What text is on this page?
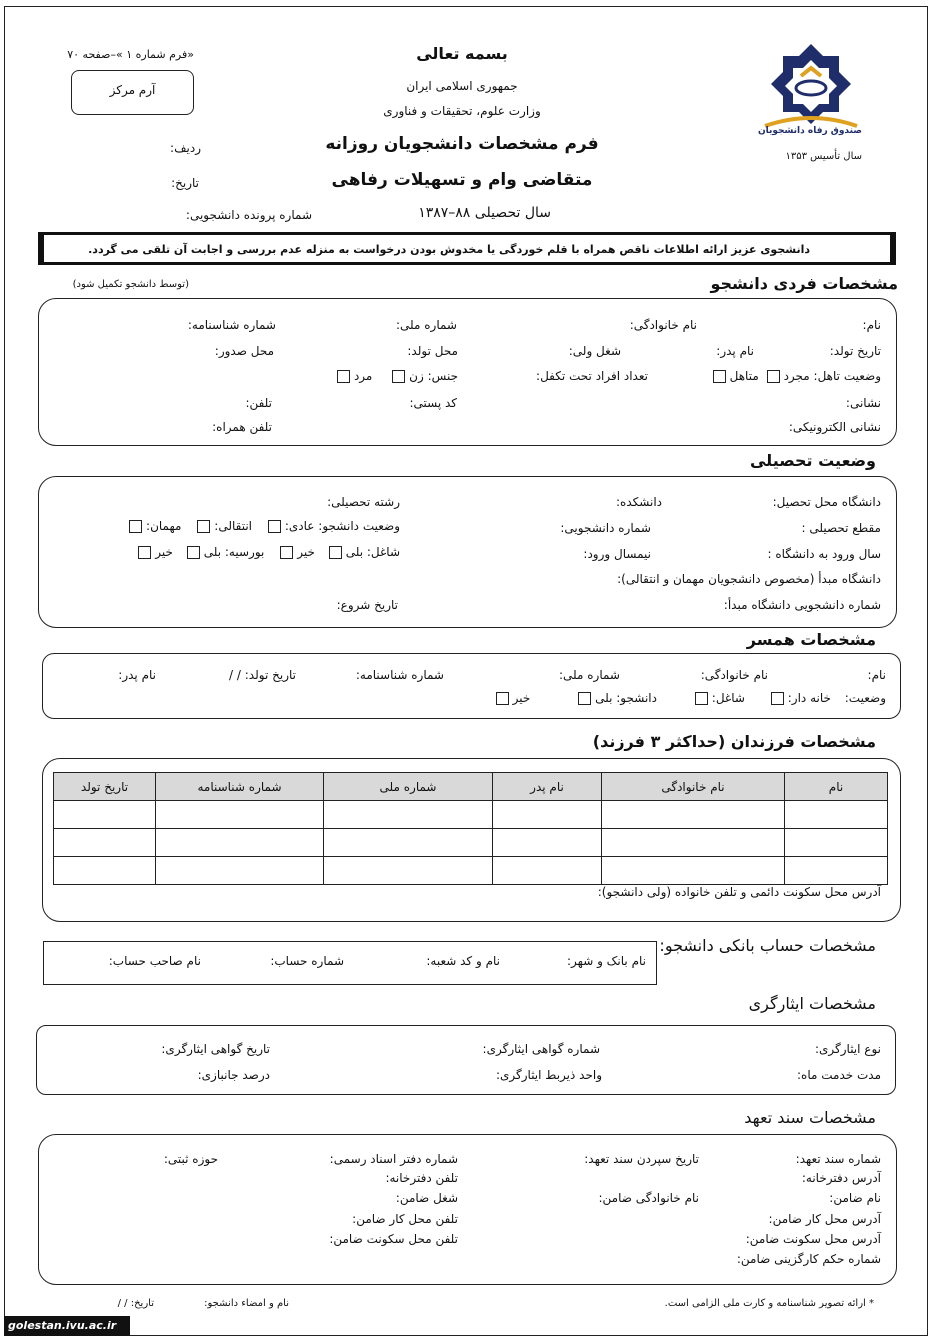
«فرم شماره ۱ »–صفحه ۷۰
آرم مرکز
بسمه تعالی
جمهوری اسلامی ایران
وزارت علوم، تحقیقات و فناوری
فرم مشخصات دانشجویان روزانه
متقاضی وام و تسهیلات رفاهی
سال تحصیلی ۸۸–۱۳۸۷
ردیف:
تاریخ:
شماره پرونده دانشجویی:
صندوق رفاه دانشجویان
سال تأسیس ۱۳۵۳
دانشجوی عزیز ارائه اطلاعات ناقص همراه با قلم خوردگی یا مخدوش بودن درخواست به منزله عدم بررسی و اجابت آن تلقی می گردد.
مشخصات فردی دانشجو
(توسط دانشجو تکمیل شود)
نام:
نام خانوادگی:
شماره ملی:
شماره شناسنامه:
تاریخ تولد:
نام پدر:
شغل ولی:
محل تولد:
محل صدور:
وضعیت تاهل: مجرد متاهل
تعداد افراد تحت تکفل:
جنس: زن مرد
نشانی:
کد پستی:
تلفن:
نشانی الکترونیکی:
تلفن همراه:
وضعیت تحصیلی
دانشگاه محل تحصیل:
دانشکده:
رشته تحصیلی:
مقطع تحصیلی :
شماره دانشجویی:
وضعیت دانشجو: عادی: انتقالی: مهمان:
سال ورود به دانشگاه :
نیمسال ورود:
شاغل: بلی خیر بورسیه: بلی خیر
دانشگاه مبدأ (مخصوص دانشجویان مهمان و انتقالی):
شماره دانشجویی دانشگاه مبدأ:
تاریخ شروع:
مشخصات همسر
نام:
نام خانوادگی:
شماره ملی:
شماره شناسنامه:
تاریخ تولد: / /
نام پدر:
وضعیت: خانه دار: شاغل: دانشجو: بلی خیر
مشخصات فرزندان (حداکثر ۳ فرزند)
نام	نام خانوادگی	نام پدر	شماره ملی	شماره شناسنامه	تاریخ تولد

آدرس محل سکونت دائمی و تلفن خانواده (ولی دانشجو):
مشخصات حساب بانکی دانشجو:
نام بانک و شهر:
نام و کد شعبه:
شماره حساب:
نام صاحب حساب:
مشخصات ایثارگری
نوع ایثارگری:
شماره گواهی ایثارگری:
تاریخ گواهی ایثارگری:
مدت خدمت ماه:
واحد ذیربط ایثارگری:
درصد جانبازی:
مشخصات سند تعهد
شماره سند تعهد:
تاریخ سپردن سند تعهد:
شماره دفتر اسناد رسمی:
حوزه ثبتی:
آدرس دفترخانه:
تلفن دفترخانه:
نام ضامن:
نام خانوادگی ضامن:
شغل ضامن:
آدرس محل کار ضامن:
تلفن محل کار ضامن:
آدرس محل سکونت ضامن:
تلفن محل سکونت ضامن:
شماره حکم کارگزینی ضامن:
* ارائه تصویر شناسنامه و کارت ملی الزامی است.
نام و امضاء دانشجو:
تاریخ: / /
golestan.ivu.ac.ir
